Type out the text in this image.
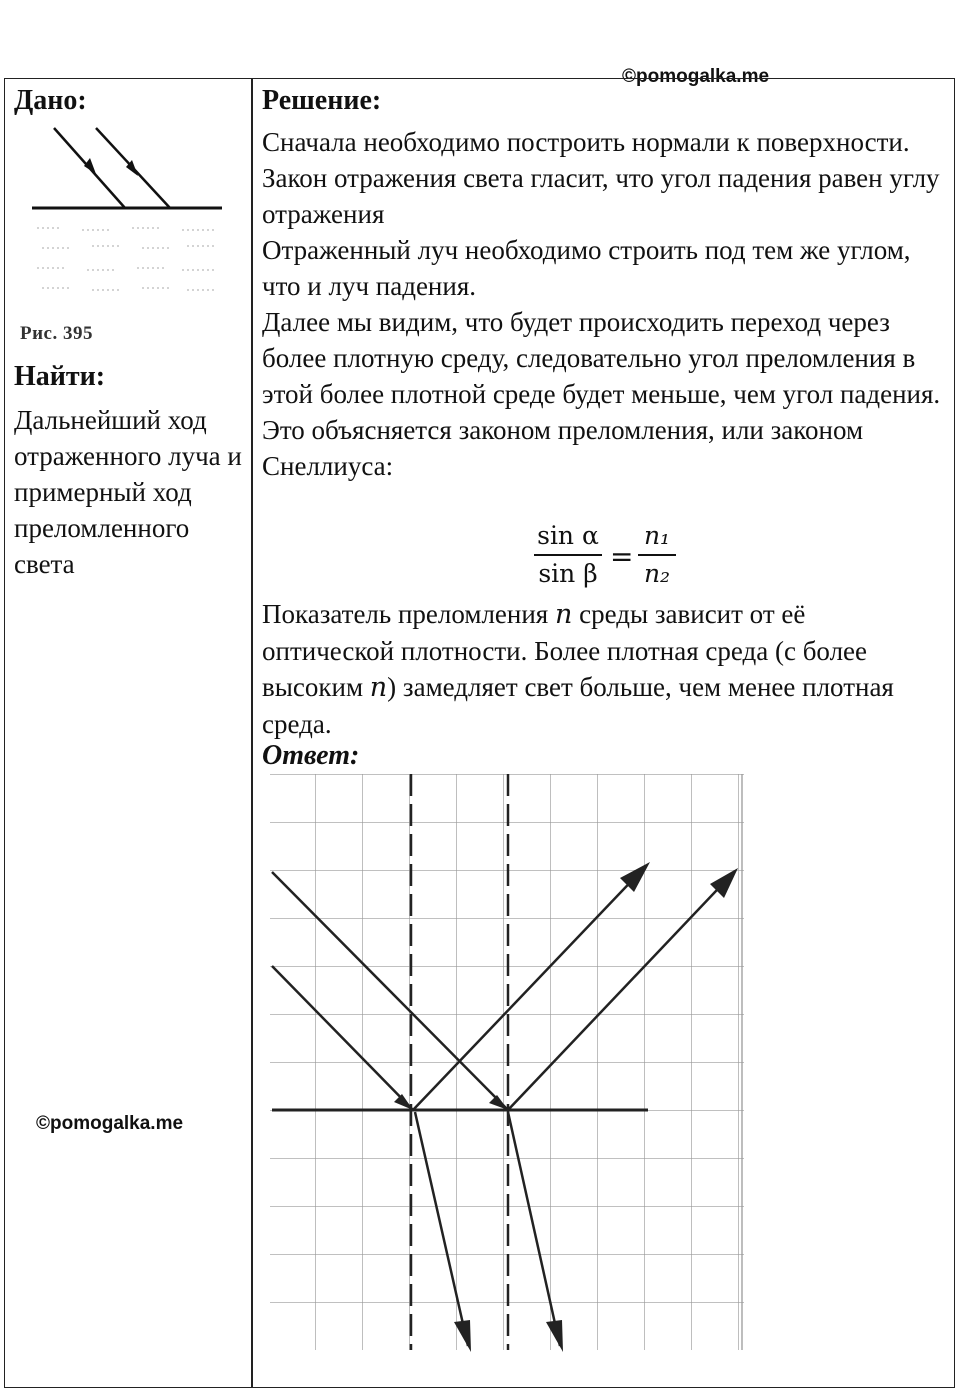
©pomogalka.me
Дано:
Рис. 395
Найти:
Дальнейший ход отраженного луча и примерный ход преломленного света
©pomogalka.me
Решение:

Сначала необходимо построить нормали к поверхности.

Закон отражения света гласит, что угол падения равен углу отражения

Отраженный луч необходимо строить под тем же углом, что и луч падения.

Далее мы видим, что будет происходить переход через более плотную среду, следовательно угол преломления в этой более плотной среде будет меньше, чем угол падения. Это объясняется законом преломления, или законом Снеллиуса:

sin α
sin β
=
n₁
n₂

Показатель преломления n среды зависит от её оптической плотности. Более плотная среда (с более высоким n) замедляет свет больше, чем менее плотная среда.

Ответ:
